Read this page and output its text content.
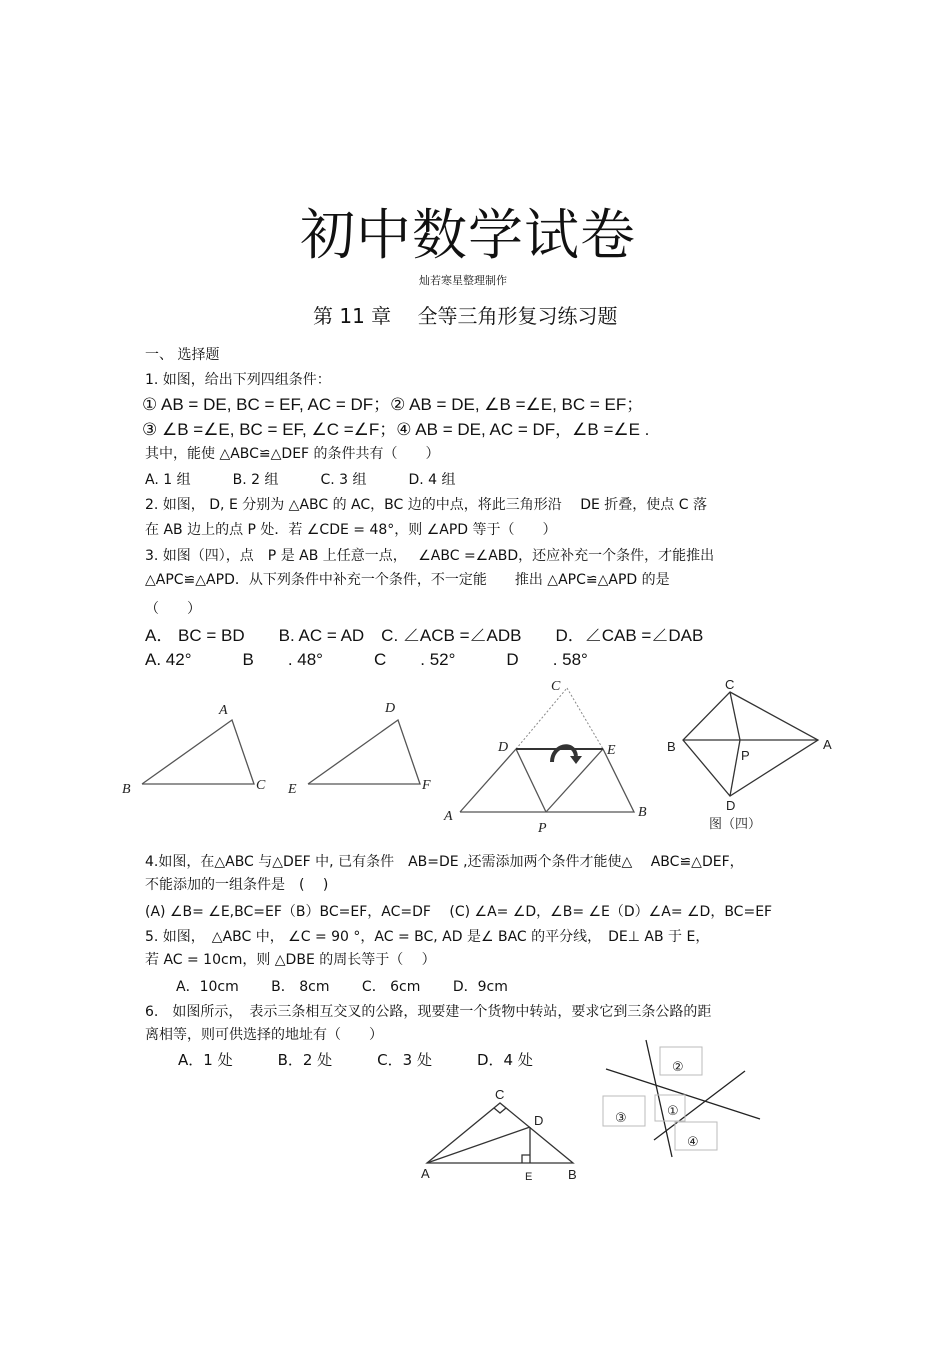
初中数学试卷
灿若寒星整理制作
第 11 章　 全等三角形复习练习题
一、 选择题
1. 如图，给出下列四组条件：
① AB = DE, BC = EF, AC = DF；② AB = DE, ∠B =∠E, BC = EF；
③ ∠B =∠E, BC = EF, ∠C =∠F；④ AB = DE, AC = DF，∠B =∠E .
其中，能使 △ABC≌△DEF 的条件共有（　　）
A. 1 组　　　B. 2 组　　　C. 3 组　　　D. 4 组
2. 如图， D, E 分别为 △ABC 的 AC，BC 边的中点，将此三角形沿　 DE 折叠，使点 C 落
在 AB 边上的点 P 处．若 ∠CDE = 48°，则 ∠APD 等于（　　）
3. 如图（四），点　P 是 AB 上任意一点，　 ∠ABC =∠ABD，还应补充一个条件，才能推出
△APC≌△APD．从下列条件中补充一个条件，不一定能　　推出 △APC≌△APD 的是
（　　）
A． BC = BD　　B. AC = AD　C. ∠ACB =∠ADB　　D．∠CAB =∠DAB
A. 42°　　　B　　. 48°　　　C　　. 52°　　　D　　. 58°
A
B	C
D
E	F
C
D	E
A	B
P
C
B	A
P
D
图（四）
4.如图，在△ABC 与△DEF 中, 已有条件　AB=DE ,还需添加两个条件才能使△　 ABC≌△DEF，
不能添加的一组条件是　(　 )
(A) ∠B= ∠E,BC=EF（B）BC=EF，AC=DF　 (C) ∠A= ∠D，∠B= ∠E（D）∠A= ∠D，BC=EF
5. 如图，　△ABC 中， ∠C = 90 °，AC = BC, AD 是∠ BAC 的平分线，　DE⊥ AB 于 E，
若 AC = 10cm，则 △DBE 的周长等于（　 ）
A．10cm　　 B． 8cm　　 C． 6cm　　 D．9cm
6.　如图所示，　表示三条相互交叉的公路，现要建一个货物中转站，要求它到三条公路的距
离相等，则可供选择的地址有（　　）
A．1 处　　　B．2 处　　　C．3 处　　　D．4 处
C
D
A	E	B
②
③	①
④
